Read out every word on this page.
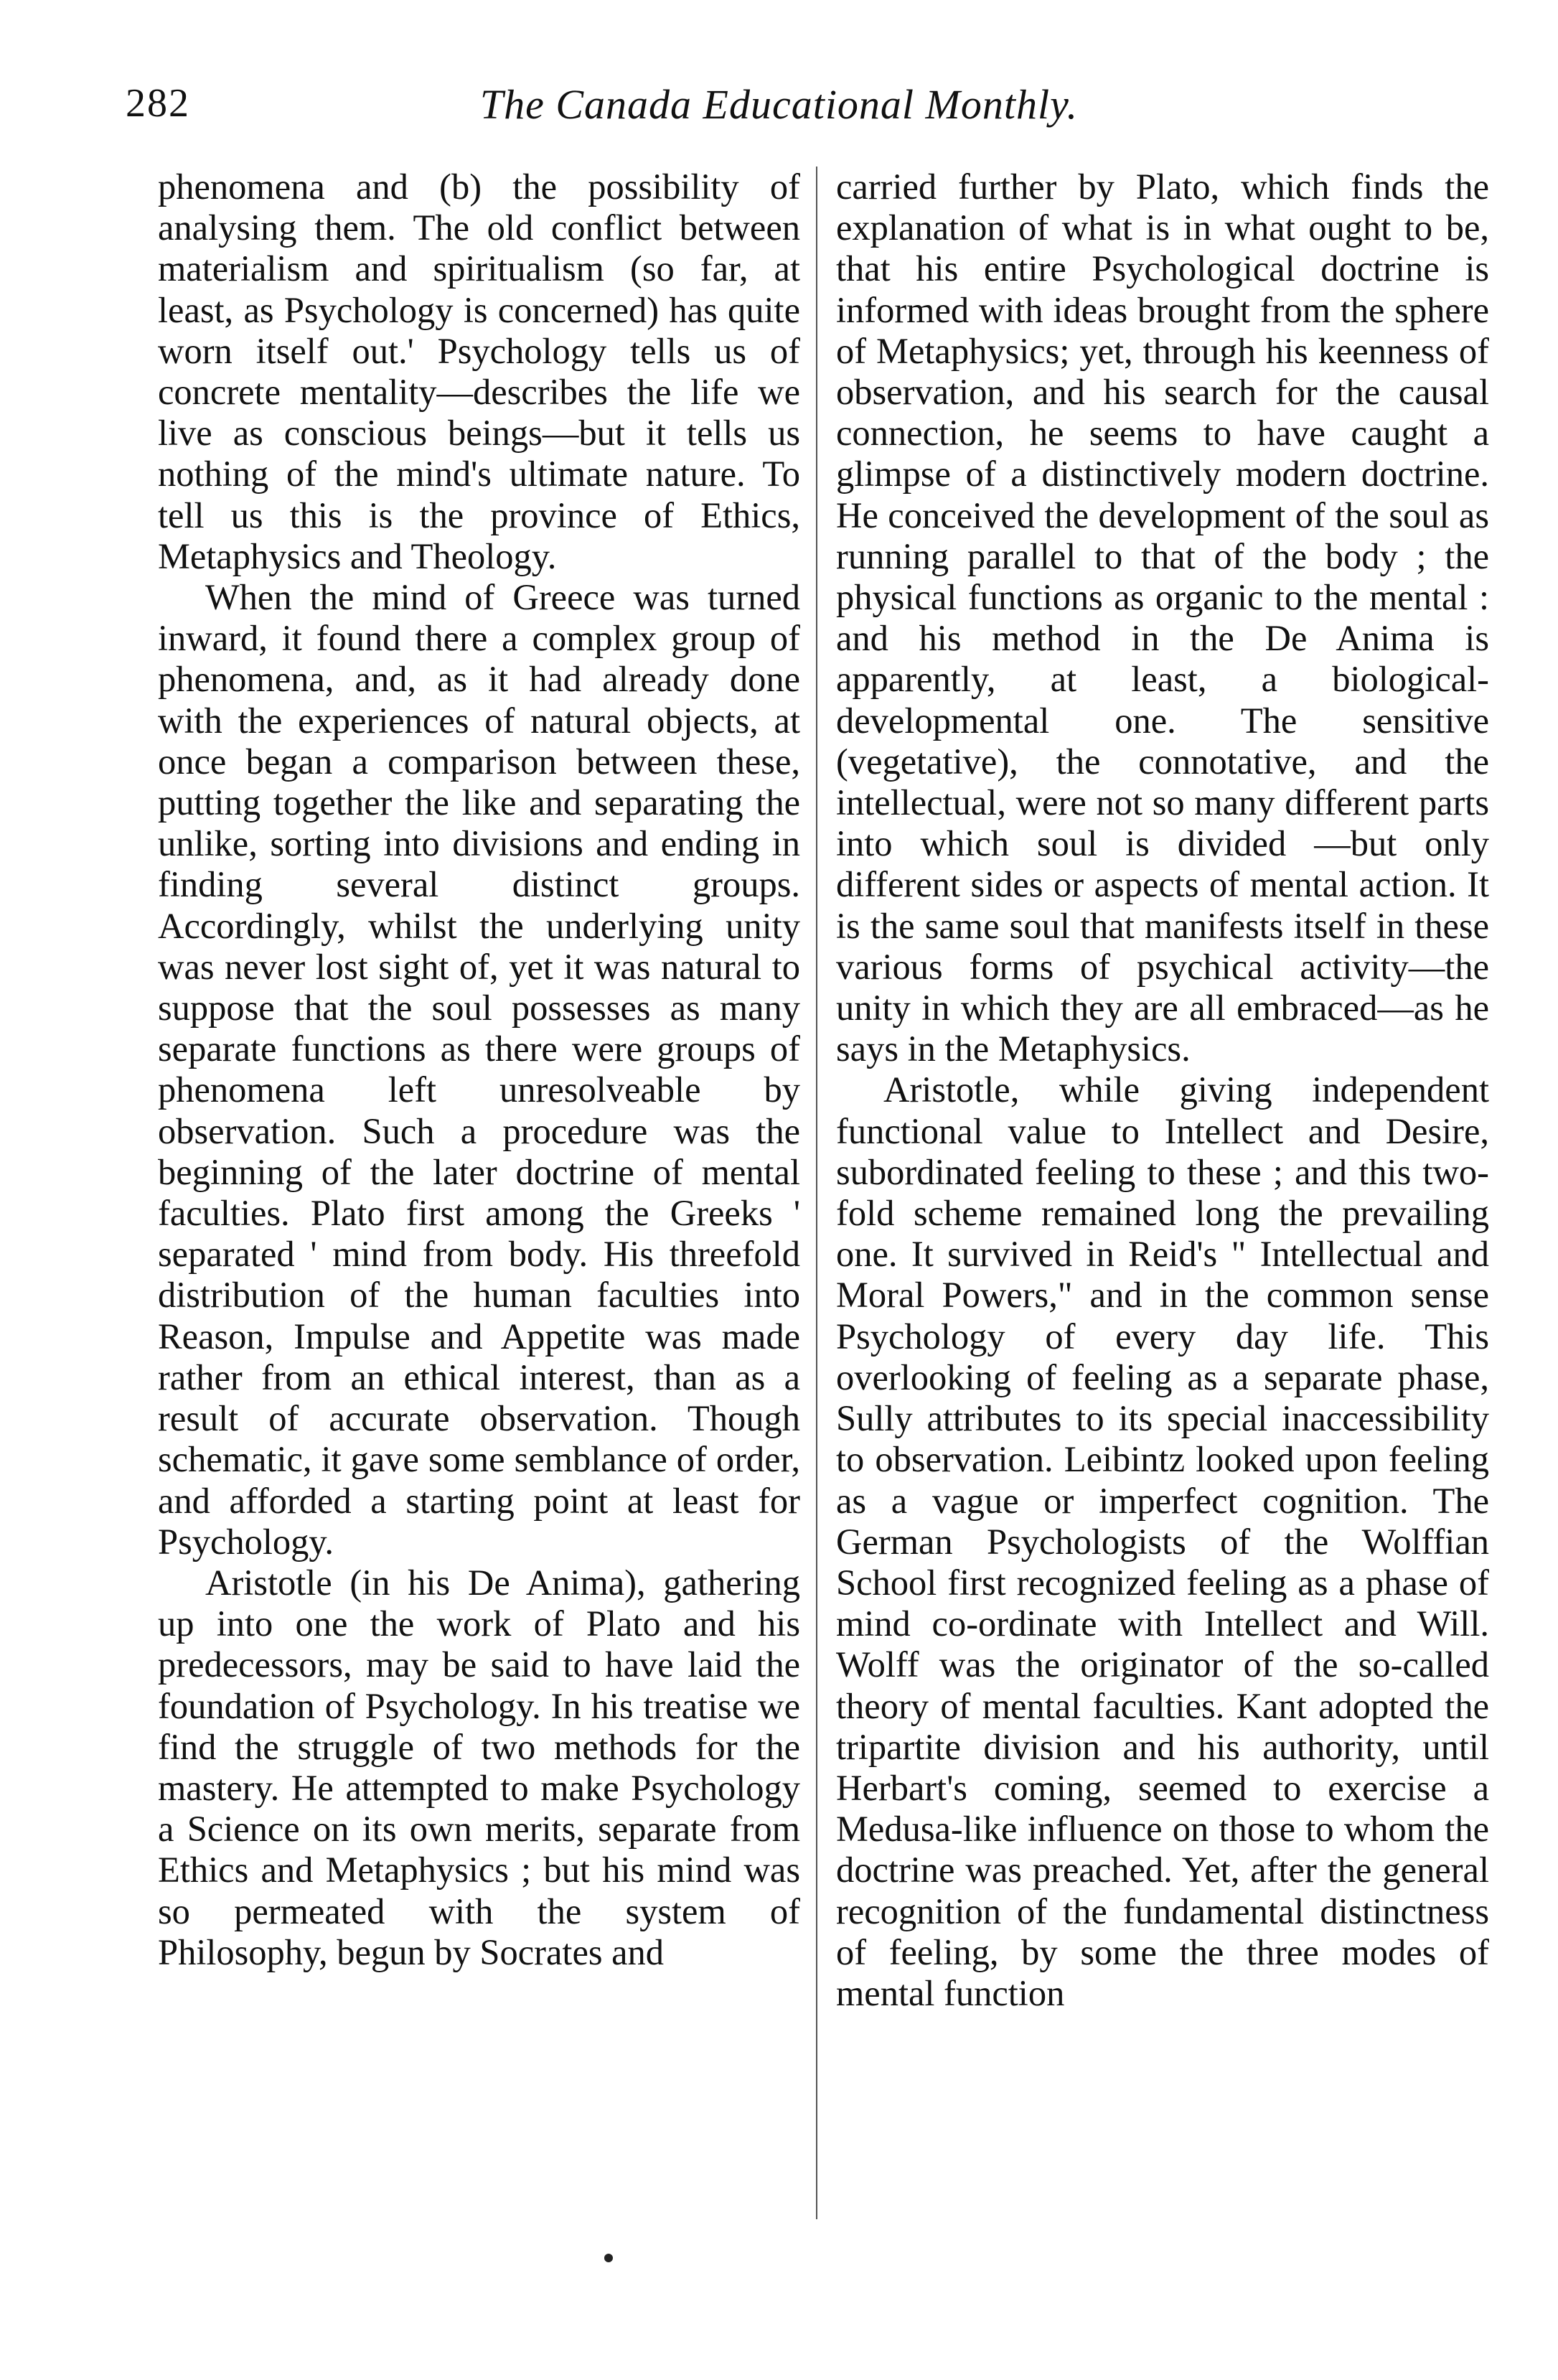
282	The Canada Educational Monthly.

phenomena and (b) the possibility of analysing them. The old conflict between materialism and spiritualism (so far, at least, as Psychology is concerned) has quite worn itself out.' Psychology tells us of concrete mentality—describes the life we live as conscious beings—but it tells us nothing of the mind's ultimate nature. To tell us this is the province of Ethics, Metaphysics and Theology.

When the mind of Greece was turned inward, it found there a complex group of phenomena, and, as it had already done with the experiences of natural objects, at once began a comparison between these, putting together the like and separating the unlike, sorting into divisions and ending in finding several distinct groups. Accordingly, whilst the underlying unity was never lost sight of, yet it was natural to suppose that the soul possesses as many separate functions as there were groups of phenomena left unresolveable by observation. Such a procedure was the beginning of the later doctrine of mental faculties. Plato first among the Greeks ' separated ' mind from body. His threefold distribution of the human faculties into Reason, Impulse and Appetite was made rather from an ethical interest, than as a result of accurate observation. Though schematic, it gave some semblance of order, and afforded a starting point at least for Psychology.

Aristotle (in his De Anima), gathering up into one the work of Plato and his predecessors, may be said to have laid the foundation of Psychology. In his treatise we find the struggle of two methods for the mastery. He attempted to make Psychology a Science on its own merits, separate from Ethics and Metaphysics ; but his mind was so permeated with the system of Philosophy, begun by Socrates and

carried further by Plato, which finds the explanation of what is in what ought to be, that his entire Psychological doctrine is informed with ideas brought from the sphere of Metaphysics; yet, through his keenness of observation, and his search for the causal connection, he seems to have caught a glimpse of a distinctively modern doctrine. He conceived the development of the soul as running parallel to that of the body ; the physical functions as organic to the mental : and his method in the De Anima is apparently, at least, a biological-developmental one. The sensitive (vegetative), the connotative, and the intellectual, were not so many different parts into which soul is divided —but only different sides or aspects of mental action. It is the same soul that manifests itself in these various forms of psychical activity—the unity in which they are all embraced—as he says in the Metaphysics.

Aristotle, while giving independent functional value to Intellect and Desire, subordinated feeling to these ; and this two-fold scheme remained long the prevailing one. It survived in Reid's " Intellectual and Moral Powers," and in the common sense Psychology of every day life. This overlooking of feeling as a separate phase, Sully attributes to its special inaccessibility to observation. Leibintz looked upon feeling as a vague or imperfect cognition. The German Psychologists of the Wolffian School first recognized feeling as a phase of mind co-ordinate with Intellect and Will. Wolff was the originator of the so-called theory of mental faculties. Kant adopted the tripartite division and his authority, until Herbart's coming, seemed to exercise a Medusa-like influence on those to whom the doctrine was preached. Yet, after the general recognition of the fundamental distinctness of feeling, by some the three modes of mental function
